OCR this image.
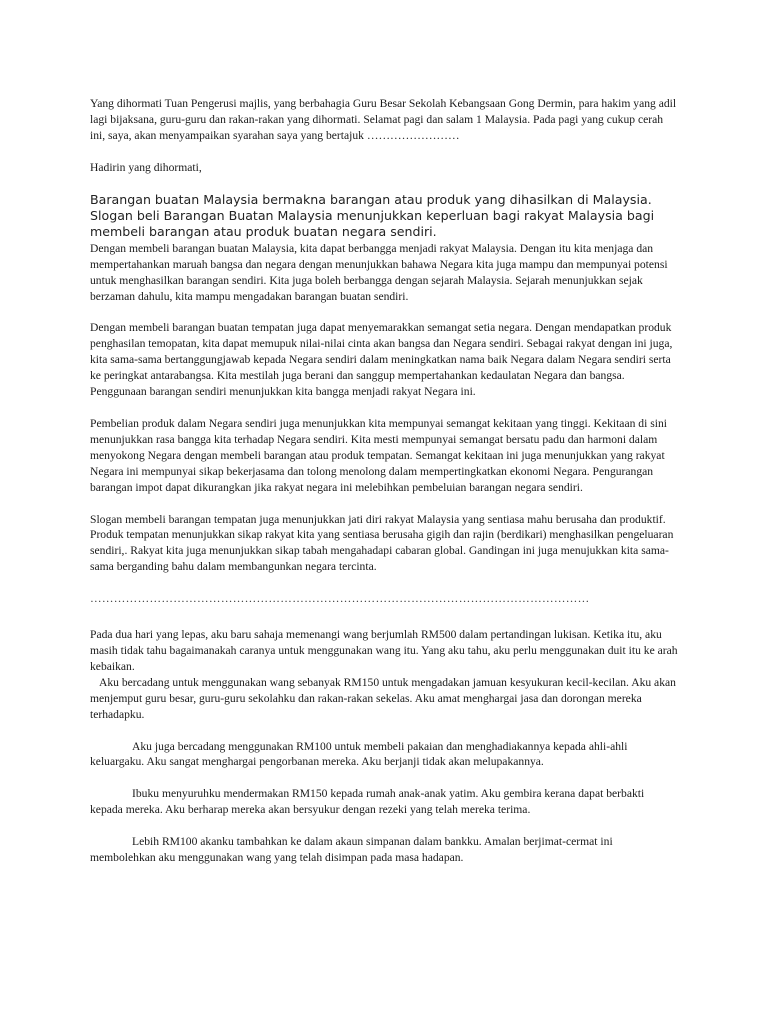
Yang dihormati Tuan Pengerusi majlis, yang berbahagia Guru Besar Sekolah Kebangsaan Gong Dermin, para hakim yang adil lagi bijaksana, guru-guru dan rakan-rakan yang dihormati. Selamat pagi dan salam 1 Malaysia. Pada pagi yang cukup cerah ini, saya, akan menyampaikan syarahan saya yang bertajuk ……………………

Hadirin yang dihormati,

Barangan buatan Malaysia bermakna barangan atau produk yang dihasilkan di Malaysia. Slogan beli Barangan Buatan Malaysia menunjukkan keperluan bagi rakyat Malaysia bagi membeli barangan atau produk buatan negara sendiri.

Dengan membeli barangan buatan Malaysia, kita dapat berbangga menjadi rakyat Malaysia. Dengan itu kita menjaga dan mempertahankan maruah bangsa dan negara dengan menunjukkan bahawa Negara kita juga mampu dan mempunyai potensi untuk menghasilkan barangan sendiri. Kita juga boleh berbangga dengan sejarah Malaysia. Sejarah menunjukkan sejak berzaman dahulu, kita mampu mengadakan barangan buatan sendiri.

Dengan membeli barangan buatan tempatan juga dapat menyemarakkan semangat setia negara. Dengan mendapatkan produk penghasilan temopatan, kita dapat memupuk nilai-nilai cinta akan bangsa dan Negara sendiri. Sebagai rakyat dengan ini juga, kita sama-sama bertanggungjawab kepada Negara sendiri dalam meningkatkan nama baik Negara dalam Negara sendiri serta ke peringkat antarabangsa. Kita mestilah juga berani dan sanggup mempertahankan kedaulatan Negara dan bangsa. Penggunaan barangan sendiri menunjukkan kita bangga menjadi rakyat Negara ini.

Pembelian produk dalam Negara sendiri juga menunjukkan kita mempunyai semangat kekitaan yang tinggi. Kekitaan di sini menunjukkan rasa bangga kita terhadap Negara sendiri. Kita mesti mempunyai semangat bersatu padu dan harmoni dalam menyokong Negara dengan membeli barangan atau produk tempatan. Semangat kekitaan ini juga menunjukkan yang rakyat Negara ini mempunyai sikap bekerjasama dan tolong menolong dalam mempertingkatkan ekonomi Negara. Pengurangan barangan impot dapat dikurangkan jika rakyat negara ini melebihkan pembeluian barangan negara sendiri.

Slogan membeli barangan tempatan juga menunjukkan jati diri rakyat Malaysia yang sentiasa mahu berusaha dan produktif. Produk tempatan menunjukkan sikap rakyat kita yang sentiasa berusaha gigih dan rajin (berdikari) menghasilkan pengeluaran sendiri,. Rakyat kita juga menunjukkan sikap tabah mengahadapi cabaran global. Gandingan ini juga menujukkan kita sama-sama berganding bahu dalam membangunkan negara tercinta.

………………………………………………………………………………………………………………

Pada dua hari yang lepas, aku baru sahaja memenangi wang berjumlah RM500 dalam pertandingan lukisan. Ketika itu, aku masih tidak tahu bagaimanakah caranya untuk menggunakan wang itu. Yang aku tahu, aku perlu menggunakan duit itu ke arah kebaikan.

Aku bercadang untuk menggunakan wang sebanyak RM150 untuk mengadakan jamuan kesyukuran kecil-kecilan. Aku akan menjemput guru besar, guru-guru sekolahku dan rakan-rakan sekelas. Aku amat menghargai jasa dan dorongan mereka terhadapku.

Aku juga bercadang menggunakan RM100 untuk membeli pakaian dan menghadiakannya kepada ahli-ahli keluargaku. Aku sangat menghargai pengorbanan mereka. Aku berjanji tidak akan melupakannya.

Ibuku menyuruhku mendermakan RM150 kepada rumah anak-anak yatim. Aku gembira kerana dapat berbakti kepada mereka. Aku berharap mereka akan bersyukur dengan rezeki yang telah mereka terima.

Lebih RM100 akanku tambahkan ke dalam akaun simpanan dalam bankku. Amalan berjimat-cermat ini membolehkan aku menggunakan wang yang telah disimpan pada masa hadapan.
